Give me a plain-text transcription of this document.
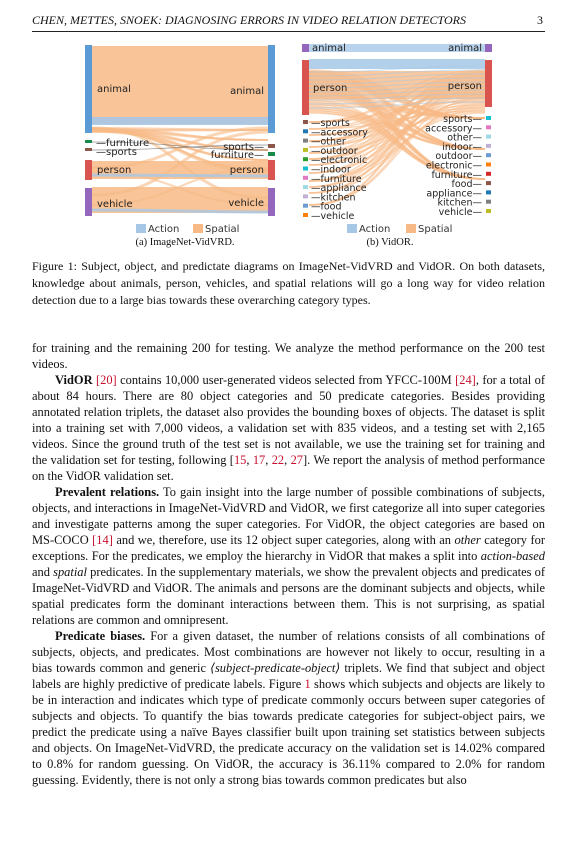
CHEN, METTES, SNOEK: DIAGNOSING ERRORS IN VIDEO RELATION DETECTORS	3
animal
—furniture
—sports
person
vehicle
animal
sports—
furniture—
person
vehicle
animal
person
—sports
—accessory
—other
—outdoor
—electronic
—indoor
—furniture
—appliance
—kitchen
—food
—vehicle
animal
person
sports—
accessory—
other—
indoor—
outdoor—
electronic—
furniture—
food—
appliance—
kitchen—
vehicle—
Action	Spatial	Action	Spatial
(a) ImageNet-VidVRD.	(b) VidOR.
Figure 1: Subject, object, and predictate diagrams on ImageNet-VidVRD and VidOR. On both datasets, knowledge about animals, person, vehicles, and spatial relations will go a long way for video relation detection due to a large bias towards these overarching category types.

for training and the remaining 200 for testing. We analyze the method performance on the 200 test videos.

VidOR [20] contains 10,000 user-generated videos selected from YFCC-100M [24], for a total of about 84 hours. There are 80 object categories and 50 predicate categories. Besides providing annotated relation triplets, the dataset also provides the bounding boxes of objects. The dataset is split into a training set with 7,000 videos, a validation set with 835 videos, and a testing set with 2,165 videos. Since the ground truth of the test set is not available, we use the training set for training and the validation set for testing, following [15, 17, 22, 27]. We report the analysis of method performance on the VidOR validation set.

Prevalent relations. To gain insight into the large number of possible combinations of subjects, objects, and interactions in ImageNet-VidVRD and VidOR, we first categorize all into super categories and investigate patterns among the super categories. For VidOR, the object categories are based on MS-COCO [14] and we, therefore, use its 12 object super categories, along with an other category for exceptions. For the predicates, we employ the hierarchy in VidOR that makes a split into action-based and spatial predicates. In the supplementary materials, we show the prevalent objects and predicates of ImageNet-VidVRD and VidOR. The animals and persons are the dominant subjects and objects, while spatial predicates form the dominant interactions between them. This is not surprising, as spatial relations are common and omnipresent.

Predicate biases. For a given dataset, the number of relations consists of all combinations of subjects, objects, and predicates. Most combinations are however not likely to occur, resulting in a bias towards common and generic ⟨subject-predicate-object⟩ triplets. We find that subject and object labels are highly predictive of predicate labels. Figure 1 shows which subjects and objects are likely to be in interaction and indicates which type of predicate commonly occurs between super categories of subjects and objects. To quantify the bias towards predicate categories for subject-object pairs, we predict the predicate using a naïve Bayes classifier built upon training set statistics between subjects and objects. On ImageNet-VidVRD, the predicate accuracy on the validation set is 14.02% compared to 0.8% for random guessing. On VidOR, the accuracy is 36.11% compared to 2.0% for random guessing. Evidently, there is not only a strong bias towards common predicates but also
